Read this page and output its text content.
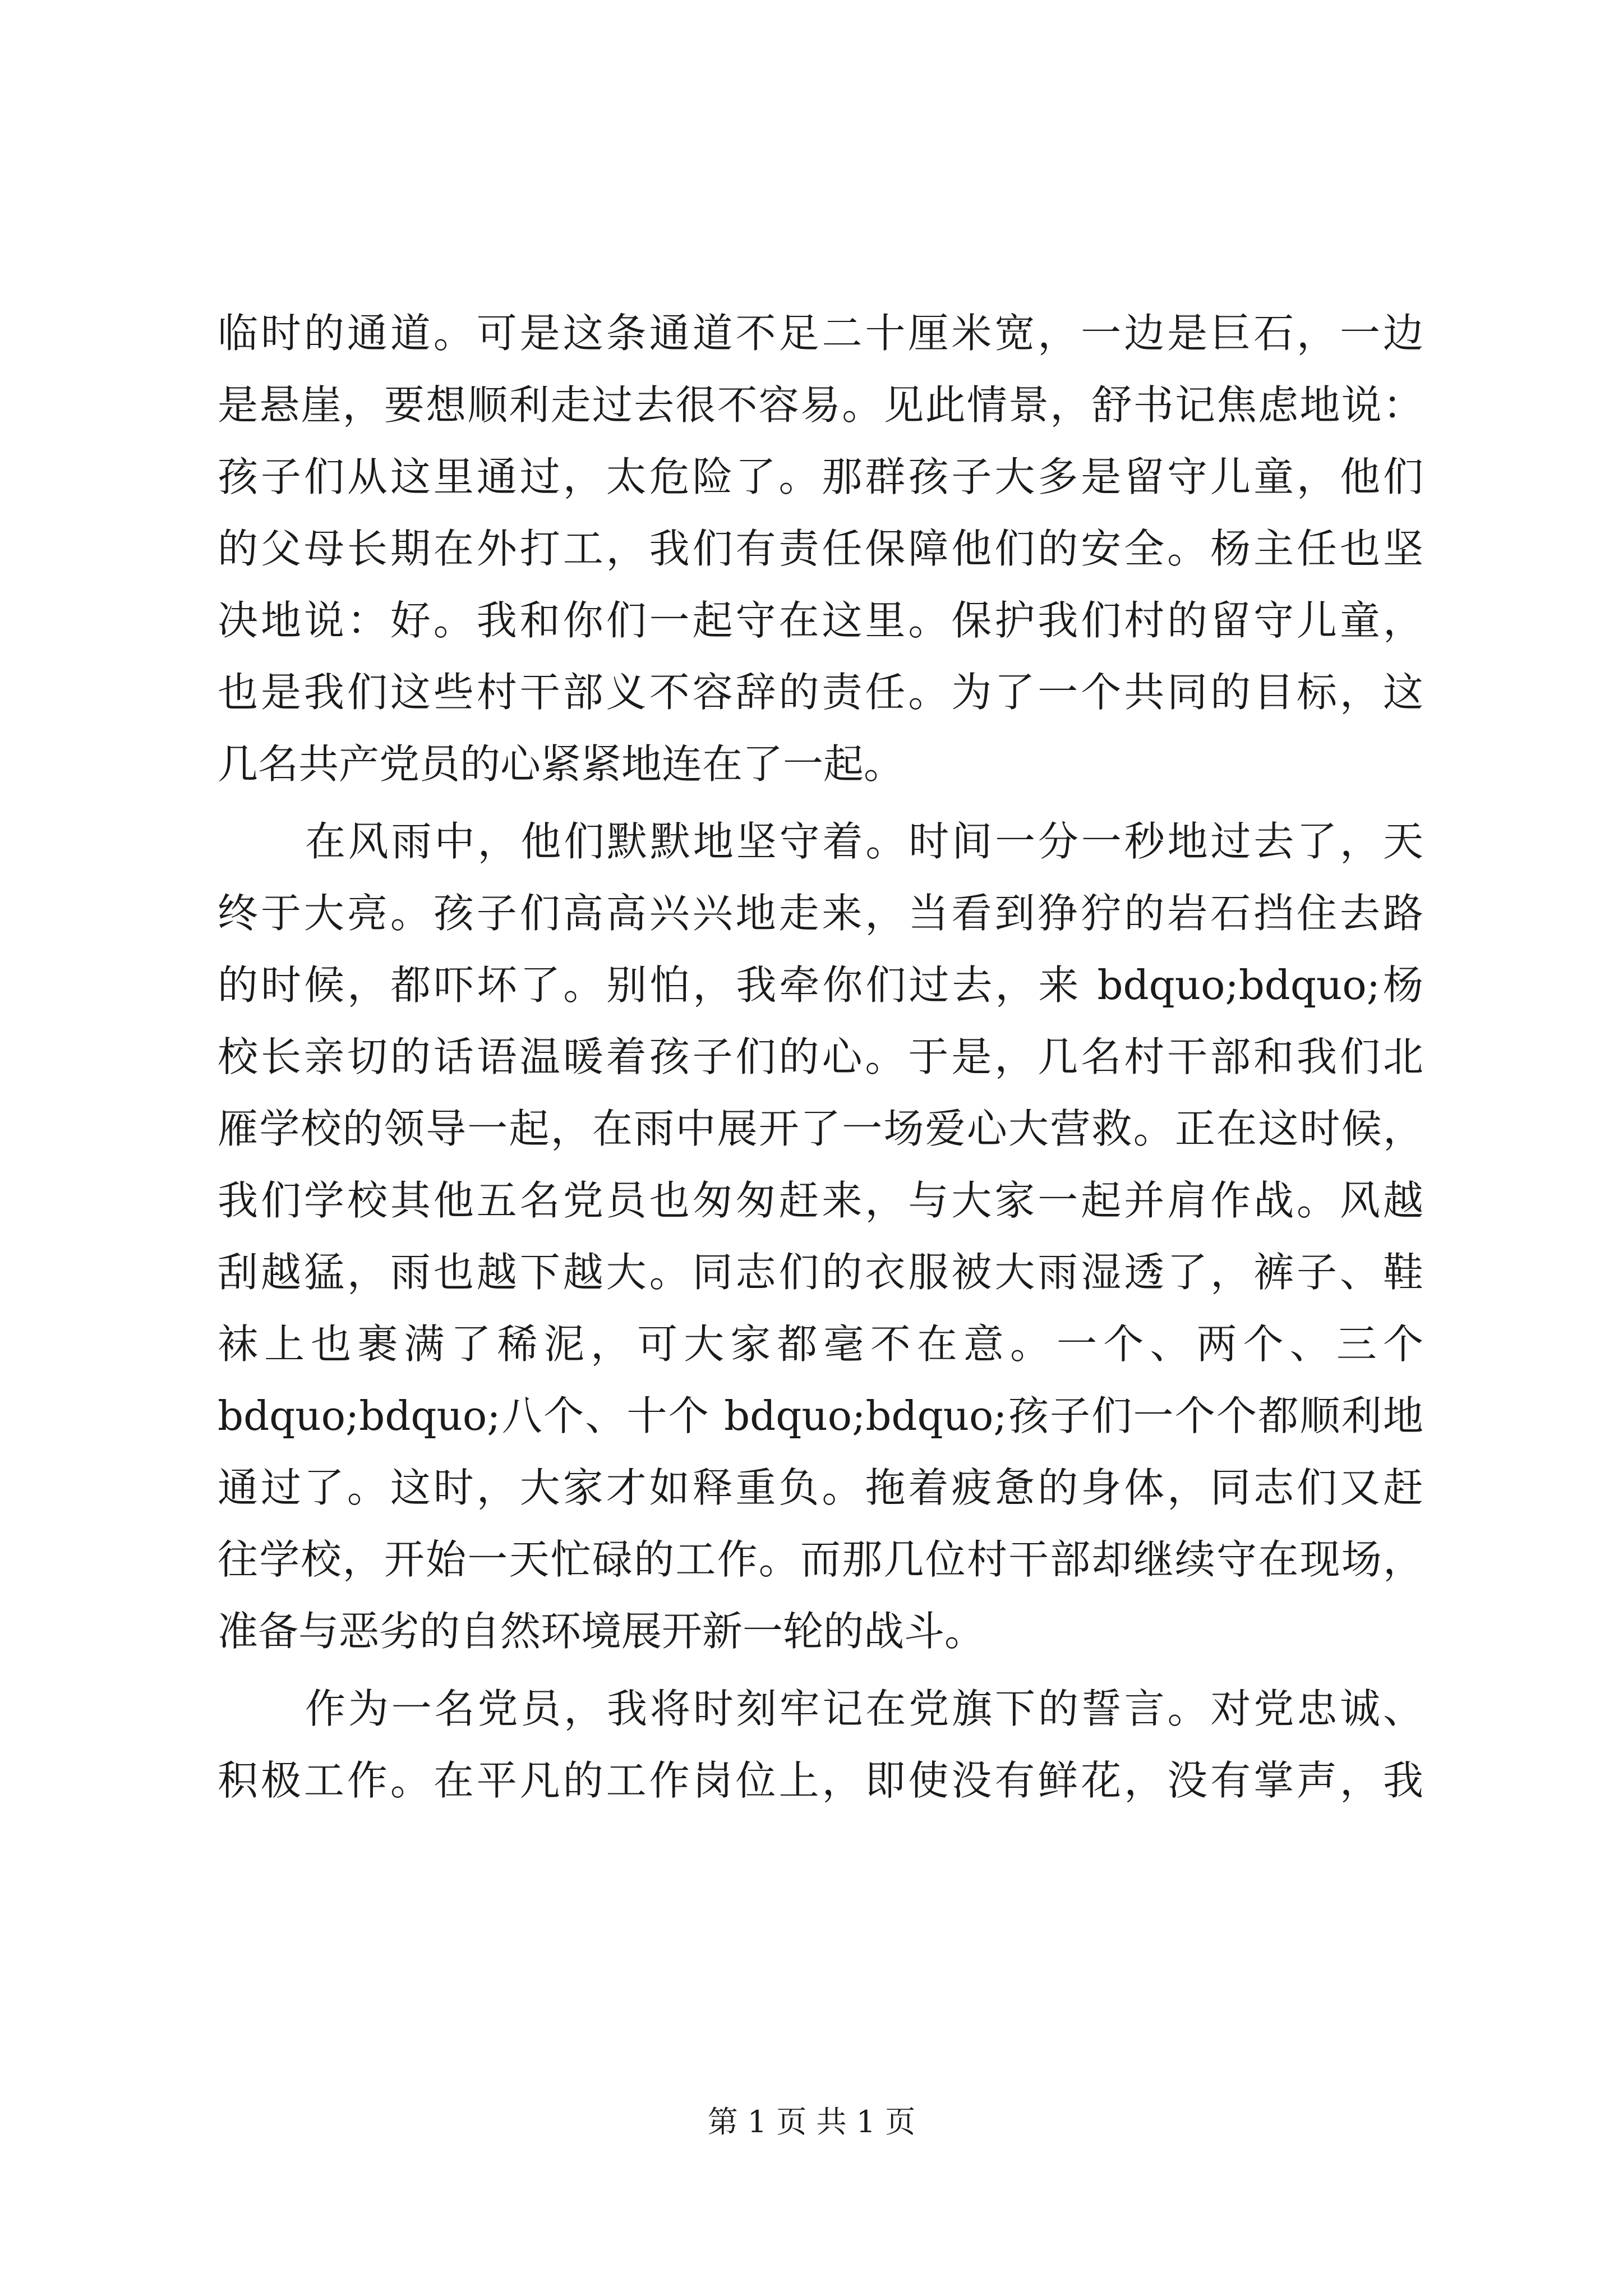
临时的通道。可是这条通道不足二十厘米宽，一边是巨石，一边
是悬崖，要想顺利走过去很不容易。见此情景，舒书记焦虑地说：
孩子们从这里通过，太危险了。那群孩子大多是留守儿童，他们
的父母长期在外打工，我们有责任保障他们的安全。杨主任也坚
决地说：好。我和你们一起守在这里。保护我们村的留守儿童，
也是我们这些村干部义不容辞的责任。为了一个共同的目标，这
几名共产党员的心紧紧地连在了一起。
在风雨中，他们默默地坚守着。时间一分一秒地过去了，天
终于大亮。孩子们高高兴兴地走来，当看到狰狞的岩石挡住去路
的时候，都吓坏了。别怕，我牵你们过去，来 bdquo;bdquo;杨
校长亲切的话语温暖着孩子们的心。于是，几名村干部和我们北
雁学校的领导一起，在雨中展开了一场爱心大营救。正在这时候，
我们学校其他五名党员也匆匆赶来，与大家一起并肩作战。风越
刮越猛，雨也越下越大。同志们的衣服被大雨湿透了，裤子、鞋
袜上也裹满了稀泥，可大家都毫不在意。一个、两个、三个
bdquo;bdquo;八个、十个 bdquo;bdquo;孩子们一个个都顺利地
通过了。这时，大家才如释重负。拖着疲惫的身体，同志们又赶
往学校，开始一天忙碌的工作。而那几位村干部却继续守在现场，
准备与恶劣的自然环境展开新一轮的战斗。
作为一名党员，我将时刻牢记在党旗下的誓言。对党忠诚、
积极工作。在平凡的工作岗位上，即使没有鲜花，没有掌声，我
第 1 页 共 1 页
